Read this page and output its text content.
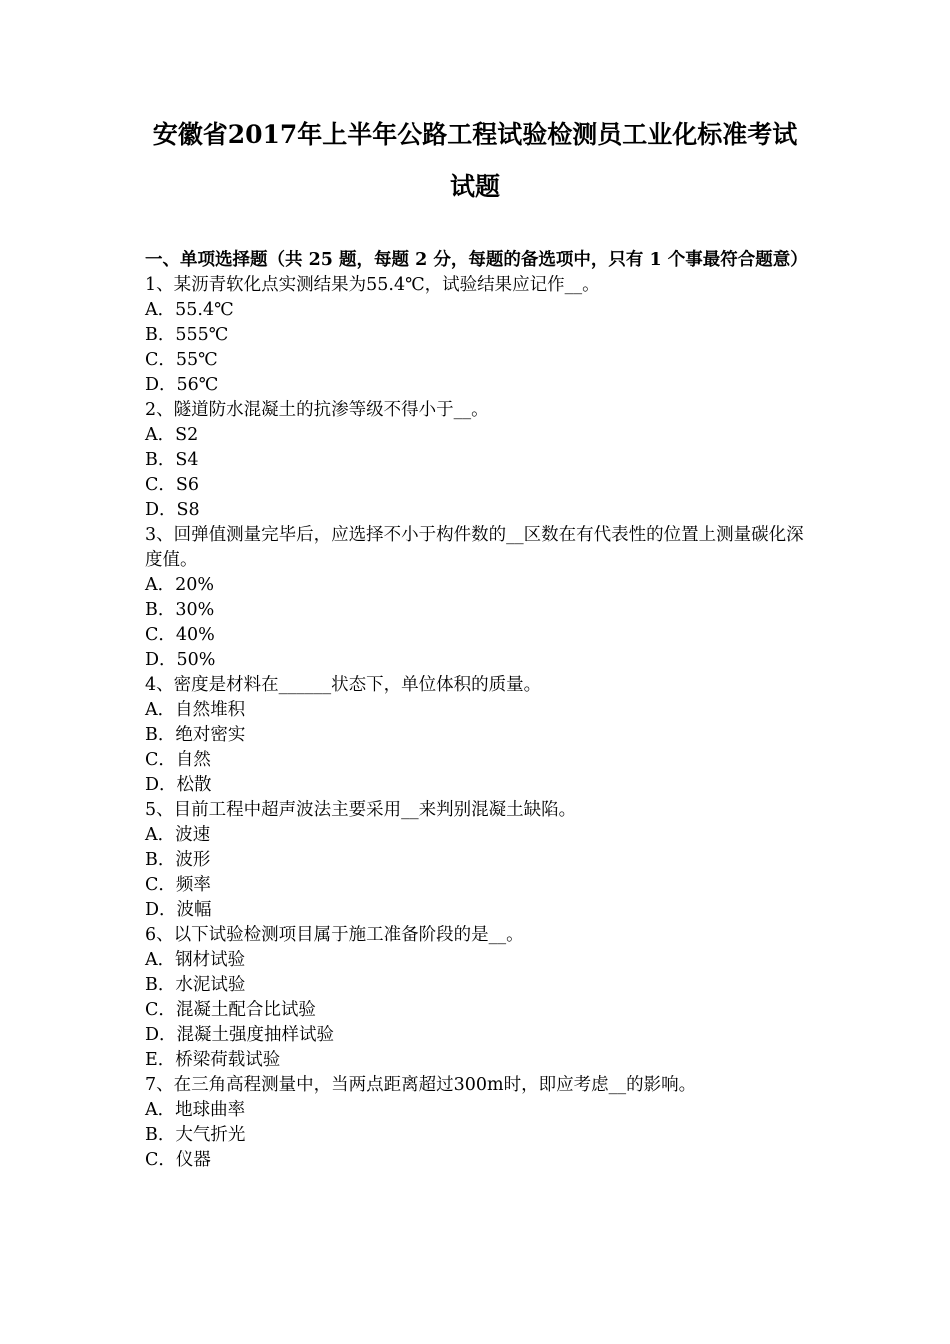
安徽省2017年上半年公路工程试验检测员工业化标准考试
试题
一、单项选择题（共 25 题，每题 2 分，每题的备选项中，只有 1 个事最符合题意）
1、某沥青软化点实测结果为55.4℃，试验结果应记作__。
A．55.4℃
B．555℃
C．55℃
D．56℃
2、隧道防水混凝土的抗渗等级不得小于__。
A．S2
B．S4
C．S6
D．S8
3、回弹值测量完毕后，应选择不小于构件数的__区数在有代表性的位置上测量碳化深度值。
A．20%
B．30%
C．40%
D．50%
4、密度是材料在______状态下，单位体积的质量。
A．自然堆积
B．绝对密实
C．自然
D．松散
5、目前工程中超声波法主要采用__来判别混凝土缺陷。
A．波速
B．波形
C．频率
D．波幅
6、以下试验检测项目属于施工准备阶段的是__。
A．钢材试验
B．水泥试验
C．混凝土配合比试验
D．混凝土强度抽样试验
E．桥梁荷载试验
7、在三角高程测量中，当两点距离超过300m时，即应考虑__的影响。
A．地球曲率
B．大气折光
C．仪器
